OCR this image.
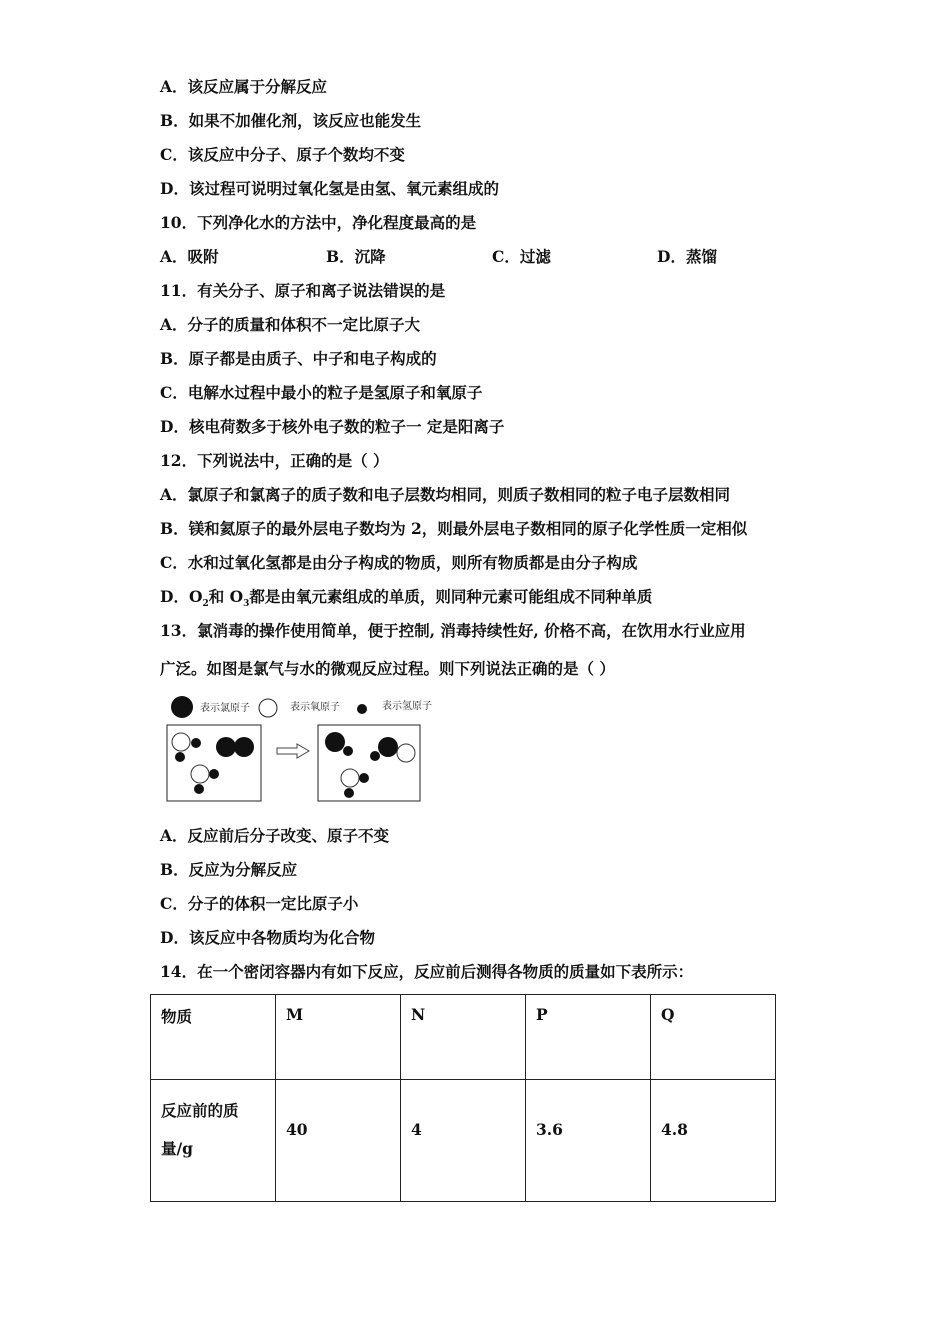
A．该反应属于分解反应
B．如果不加催化剂，该反应也能发生
C．该反应中分子、原子个数均不变
D．该过程可说明过氧化氢是由氢、氧元素组成的
10．下列净化水的方法中，净化程度最高的是
A．吸附	B．沉降	C．过滤	D．蒸馏
11．有关分子、原子和离子说法错误的是
A．分子的质量和体积不一定比原子大
B．原子都是由质子、中子和电子构成的
C．电解水过程中最小的粒子是氢原子和氧原子
D．核电荷数多于核外电子数的粒子一 定是阳离子
12．下列说法中，正确的是（ ）
A．氯原子和氯离子的质子数和电子层数均相同，则质子数相同的粒子电子层数相同
B．镁和氦原子的最外层电子数均为 2，则最外层电子数相同的原子化学性质一定相似
C．水和过氧化氢都是由分子构成的物质，则所有物质都是由分子构成
D．$O_2$和 $O_3$都是由氧元素组成的单质，则同种元素可能组成不同种单质
13．氯消毒的操作使用简单，便于控制, 消毒持续性好, 价格不高，在饮用水行业应用
广泛。如图是氯气与水的微观反应过程。则下列说法正确的是（ ）
表示氯原子	表示氧原子	表示氢原子
A．反应前后分子改变、原子不变
B．反应为分解反应
C．分子的体积一定比原子小
D．该反应中各物质均为化合物
14．在一个密闭容器内有如下反应，反应前后测得各物质的质量如下表所示：
物质	M	N	P	Q
反应前的质
量/g	40	4	3.6	4.8
